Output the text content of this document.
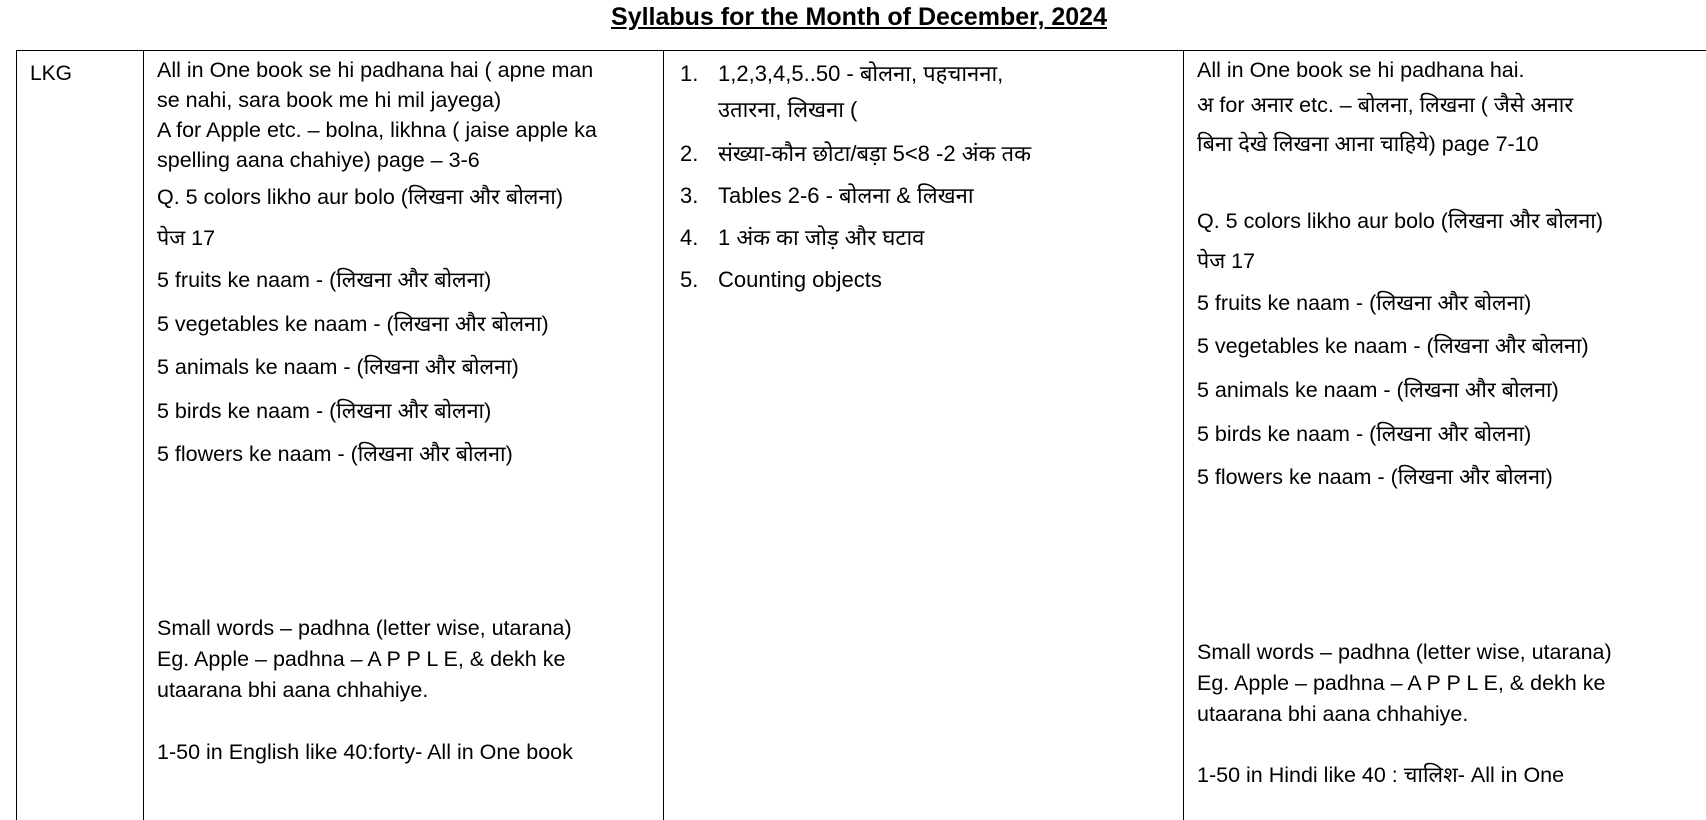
Syllabus for the Month of December, 2024
LKG	All in One book se hi padhana hai ( apne man
se nahi, sara book me hi mil jayega)
A for Apple etc. – bolna, likhna ( jaise apple ka
spelling aana chahiye) page – 3-6
Q. 5 colors likho aur bolo (लिखना और बोलना)
पेज 17
5 fruits ke naam - (लिखना और बोलना)
5 vegetables ke naam - (लिखना और बोलना)
5 animals ke naam - (लिखना और बोलना)
5 birds ke naam - (लिखना और बोलना)
5 flowers ke naam - (लिखना और बोलना)
Small words – padhna (letter wise, utarana)
Eg. Apple – padhna – A P P L E, & dekh ke
utaarana bhi aana chhahiye.
1-50 in English like 40:forty- All in One book
1. 1,2,3,4,5..50 - बोलना, पहचानना,
उतारना, लिखना (
2. संख्या-कौन छोटा/बड़ा 5<8 -2 अंक तक
3. Tables 2-6 - बोलना & लिखना
4. 1 अंक का जोड़ और घटाव
5. Counting objects
All in One book se hi padhana hai.
अ for अनार etc. – बोलना, लिखना ( जैसे अनार
बिना देखे लिखना आना चाहिये) page 7-10
Q. 5 colors likho aur bolo (लिखना और बोलना)
पेज 17
5 fruits ke naam - (लिखना और बोलना)
5 vegetables ke naam - (लिखना और बोलना)
5 animals ke naam - (लिखना और बोलना)
5 birds ke naam - (लिखना और बोलना)
5 flowers ke naam - (लिखना और बोलना)
Small words – padhna (letter wise, utarana)
Eg. Apple – padhna – A P P L E, & dekh ke
utaarana bhi aana chhahiye.
1-50 in Hindi like 40 : चालिश- All in One
